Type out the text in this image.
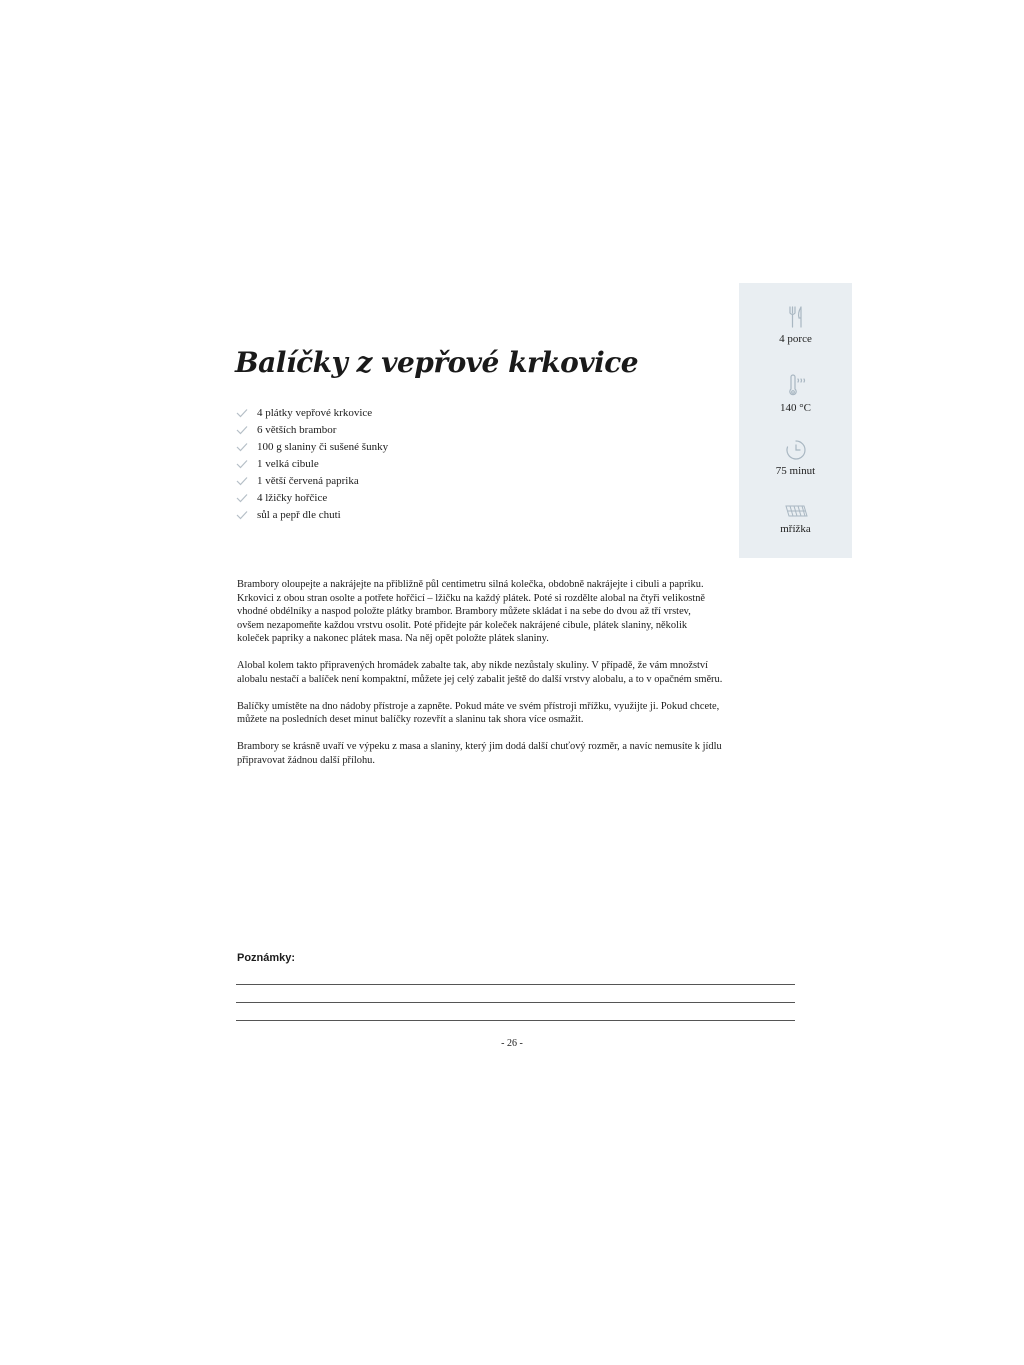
4 porce
140 °C
75 minut
mřížka
Balíčky z vepřové krkovice
4 plátky vepřové krkovice
6 větších brambor
100 g slaniny či sušené šunky
1 velká cibule
1 větší červená paprika
4 lžičky hořčice
sůl a pepř dle chuti

Brambory oloupejte a nakrájejte na přibližně půl centimetru silná kolečka, obdobně nakrájejte i cibuli a papriku.
Krkovici z obou stran osolte a potřete hořčicí – lžičku na každý plátek. Poté si rozdělte alobal na čtyři velikostně
vhodné obdélníky a naspod položte plátky brambor. Brambory můžete skládat i na sebe do dvou až tří vrstev,
ovšem nezapomeňte každou vrstvu osolit. Poté přidejte pár koleček nakrájené cibule, plátek slaniny, několik
koleček papriky a nakonec plátek masa. Na něj opět položte plátek slaniny.

Alobal kolem takto připravených hromádek zabalte tak, aby nikde nezůstaly skuliny. V případě, že vám množství
alobalu nestačí a balíček není kompaktní, můžete jej celý zabalit ještě do další vrstvy alobalu, a to v opačném směru.

Balíčky umístěte na dno nádoby přístroje a zapněte. Pokud máte ve svém přístroji mřížku, využijte ji. Pokud chcete,
můžete na posledních deset minut balíčky rozevřít a slaninu tak shora více osmažit.

Brambory se krásně uvaří ve výpeku z masa a slaniny, který jim dodá další chuťový rozměr, a navíc nemusíte k jídlu
připravovat žádnou další přílohu.

Poznámky:
- 26 -
